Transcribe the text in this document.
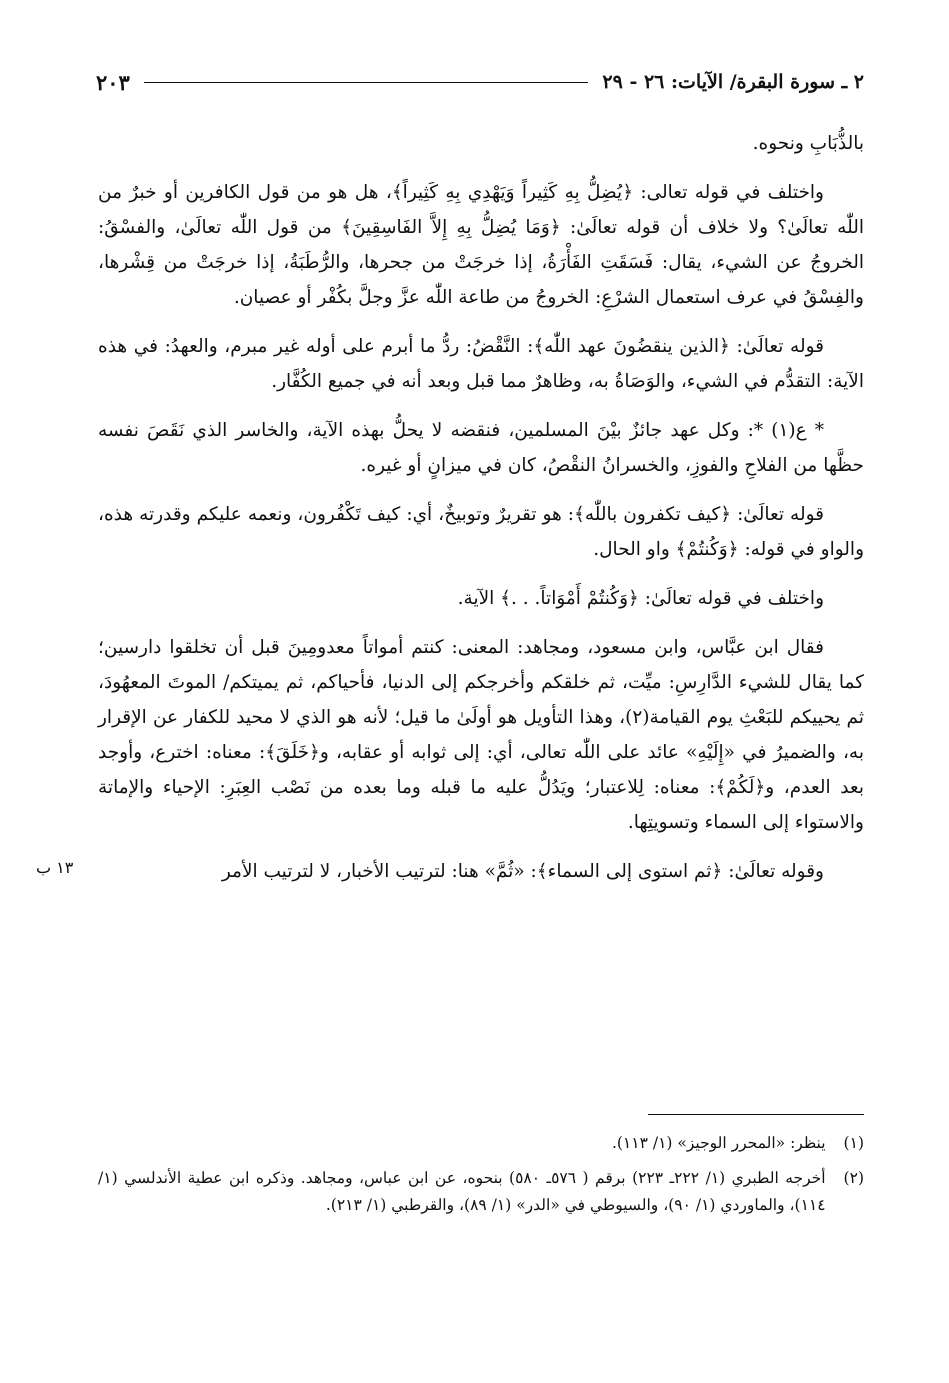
٢ ـ سورة البقرة/ الآيات: ٢٦ - ٢٩
٢٠٣

بالذُّبَابِ ونحوه.

واختلف في قوله تعالى: ﴿يُضِلُّ بِهِ كَثِيراً وَيَهْدِي بِهِ كَثِيراً﴾، هل هو من قول الكافرين أو خبرٌ من اللّٰه تعالَىٰ؟ ولا خلاف أن قوله تعالَىٰ: ﴿وَمَا يُضِلُّ بِهِ إِلاَّ الفَاسِقِينَ﴾ من قول اللّٰه تعالَىٰ، والفسْقُ: الخروجُ عن الشيء، يقال: فَسَقَتِ الفَأْرَةُ، إذا خرجَتْ من جحرها، والرُّطَبَةُ، إذا خرجَتْ من قِشْرها، والفِسْقُ في عرف استعمال الشرْعِ: الخروجُ من طاعة اللّٰه عزَّ وجلَّ بكُفْر أو عصيان.

قوله تعالَىٰ: ﴿الذين ينقضُونَ عهد اللّٰه﴾: النَّقْضُ: ردُّ ما أبرم على أوله غير مبرم، والعهدُ: في هذه الآية: التقدُّم في الشيء، والوَصَاةُ به، وظاهرٌ مما قبل وبعد أنه في جميع الكُفَّار.

* ع(١) *: وكل عهد جائزٌ بيْنَ المسلمين، فنقضه لا يحلُّ بهذه الآية، والخاسر الذي نَقَصَ نفسه حظَّها من الفلاحِ والفوزِ، والخسرانُ النقْصُ، كان في ميزانٍ أو غيره.

قوله تعالَىٰ: ﴿كيف تكفرون باللّٰه﴾: هو تقريرٌ وتوبيخٌ، أي: كيف تَكْفُرون، ونعمه عليكم وقدرته هذه، والواو في قوله: ﴿وَكُنتُمْ﴾ واو الحال.

واختلف في قوله تعالَىٰ: ﴿وَكُنتُمْ أَمْوَاتاً. . .﴾ الآية.

فقال ابن عبَّاس، وابن مسعود، ومجاهد: المعنى: كنتم أمواتاً معدومِينَ قبل أن تخلقوا دارسين؛ كما يقال للشيء الدَّارِسِ: ميِّت، ثم خلقكم وأخرجكم إلى الدنيا، فأحياكم، ثم يميتكم/ الموتَ المعهُودَ، ثم يحييكم للبَعْثِ يوم القيامة(٢)، وهذا التأويل هو أولَىٰ ما قيل؛ لأنه هو الذي لا محيد للكفار عن الإقرار به، والضميرُ في «إِلَيْهِ» عائد على اللّٰه تعالى، أي: إلى ثوابه أو عقابه، و﴿خَلَقَ﴾: معناه: اخترع، وأوجد بعد العدم، و﴿لَكُمْ﴾: معناه: لِلاعتبار؛ ويَدُلُّ عليه ما قبله وما بعده من نَصْب العِبَرِ: الإحياء والإماتة والاستواء إلى السماء وتسويتِها.

وقوله تعالَىٰ: ﴿ثم استوى إلى السماء﴾: «ثُمَّ» هنا: لترتيب الأخبار، لا لترتيب الأمر

١٣ ب
(١)
ينظر: «المحرر الوجيز» (١/ ١١٣).
(٢)
أخرجه الطبري (١/ ٢٢٢ـ ٢٢٣) برقم ( ٥٧٦ـ ٥٨٠) بنحوه، عن ابن عباس، ومجاهد. وذكره ابن عطية الأندلسي (١/ ١١٤)، والماوردي (١/ ٩٠)، والسيوطي في «الدر» (١/ ٨٩)، والقرطبي (١/ ٢١٣).
